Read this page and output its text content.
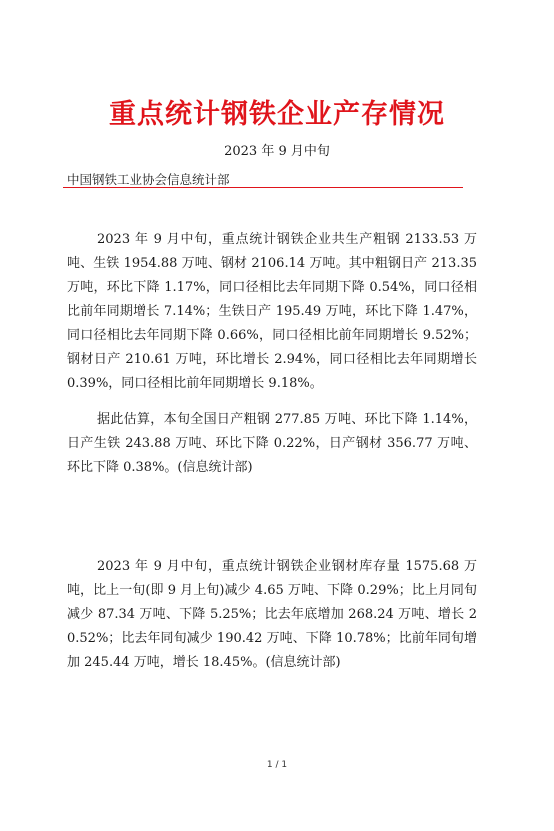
重点统计钢铁企业产存情况
2023 年 9 月中旬
中国钢铁工业协会信息统计部

2023 年 9 月中旬，重点统计钢铁企业共生产粗钢 2133.53 万吨、生铁 1954.88 万吨、钢材 2106.14 万吨。其中粗钢日产 213.35 万吨，环比下降 1.17%，同口径相比去年同期下降 0.54%，同口径相比前年同期增长 7.14%；生铁日产 195.49 万吨，环比下降 1.47%，同口径相比去年同期下降 0.66%，同口径相比前年同期增长 9.52%；钢材日产 210.61 万吨，环比增长 2.94%，同口径相比去年同期增长 0.39%，同口径相比前年同期增长 9.18%。

据此估算，本旬全国日产粗钢 277.85 万吨、环比下降 1.14%，日产生铁 243.88 万吨、环比下降 0.22%，日产钢材 356.77 万吨、环比下降 0.38%。(信息统计部)

2023 年 9 月中旬，重点统计钢铁企业钢材库存量 1575.68 万吨，比上一旬(即 9 月上旬)减少 4.65 万吨、下降 0.29%；比上月同旬减少 87.34 万吨、下降 5.25%；比去年底增加 268.24 万吨、增长 20.52%；比去年同旬减少 190.42 万吨、下降 10.78%；比前年同旬增加 245.44 万吨，增长 18.45%。(信息统计部)

1 / 1
